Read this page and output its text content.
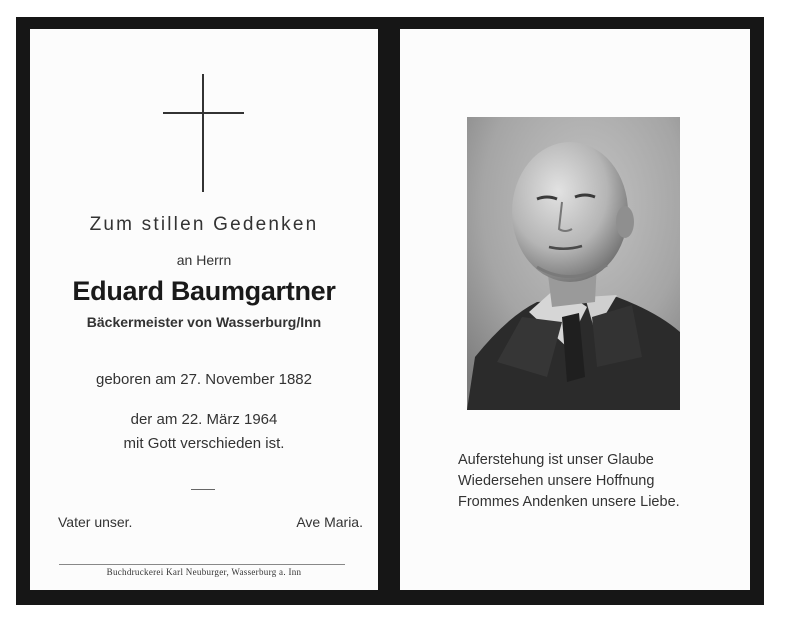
Zum stillen Gedenken
an Herrn
Eduard Baumgartner
Bäckermeister von Wasserburg/Inn
geboren am 27. November 1882
der am 22. März 1964
mit Gott verschieden ist.
Vater unser.	Ave Maria.
Buchdruckerei Karl Neuburger, Wasserburg a. Inn
Auferstehung ist unser Glaube
Wiedersehen unsere Hoffnung
Frommes Andenken unsere Liebe.
